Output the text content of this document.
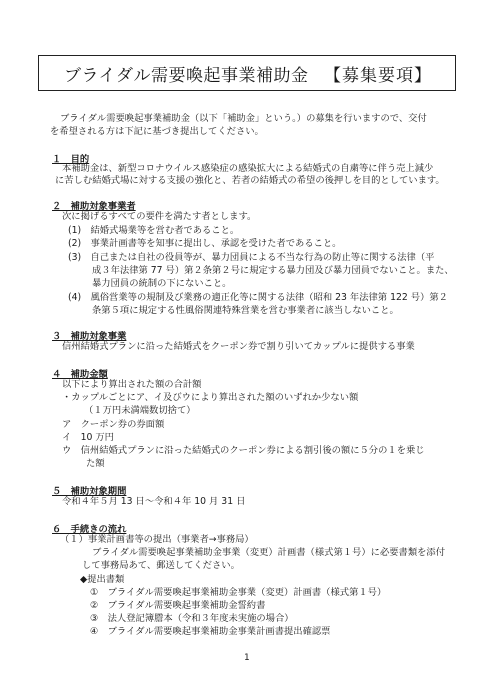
ブライダル需要喚起事業補助金 【募集要項】
ブライダル需要喚起事業補助金（以下「補助金」という。）の募集を行いますので、交付
を希望される方は下記に基づき提出してください。
１　目的
本補助金は、新型コロナウイルス感染症の感染拡大による結婚式の自粛等に伴う売上減少
に苦しむ結婚式場に対する支援の強化と、若者の結婚式の希望の後押しを目的としています。
２　補助対象事業者
次に掲げるすべての要件を満たす者とします。
(1)　結婚式場業等を営む者であること。
(2)　事業計画書等を知事に提出し、承認を受けた者であること。
(3)　自己または自社の役員等が、暴力団員による不当な行為の防止等に関する法律（平
成３年法律第 77 号）第２条第２号に規定する暴力団及び暴力団員でないこと。また、
暴力団員の統制の下にないこと。
(4)　風俗営業等の規制及び業務の適正化等に関する法律（昭和 23 年法律第 122 号）第２
条第５項に規定する性風俗関連特殊営業を営む事業者に該当しないこと。
３　補助対象事業
信州結婚式プランに沿った結婚式をクーポン券で割り引いてカップルに提供する事業
４　補助金額
以下により算出された額の合計額
・カップルごとにア、イ及びウにより算出された額のいずれか少ない額
（１万円未満端数切捨て）
ア　クーポン券の券面額
イ　10 万円
ウ　信州結婚式プランに沿った結婚式のクーポン券による割引後の額に５分の１を乗じ
た額
５　補助対象期間
令和４年５月 13 日～令和４年 10 月 31 日
６　手続きの流れ
（１）事業計画書等の提出（事業者→事務局）
ブライダル需要喚起事業補助金事業（変更）計画書（様式第１号）に必要書類を添付
して事務局あて、郵送してください。
◆提出書類
①　ブライダル需要喚起事業補助金事業（変更）計画書（様式第１号）
②　ブライダル需要喚起事業補助金誓約書
③　法人登記簿謄本（令和３年度未実施の場合）
④　ブライダル需要喚起事業補助金事業計画書提出確認票
1
